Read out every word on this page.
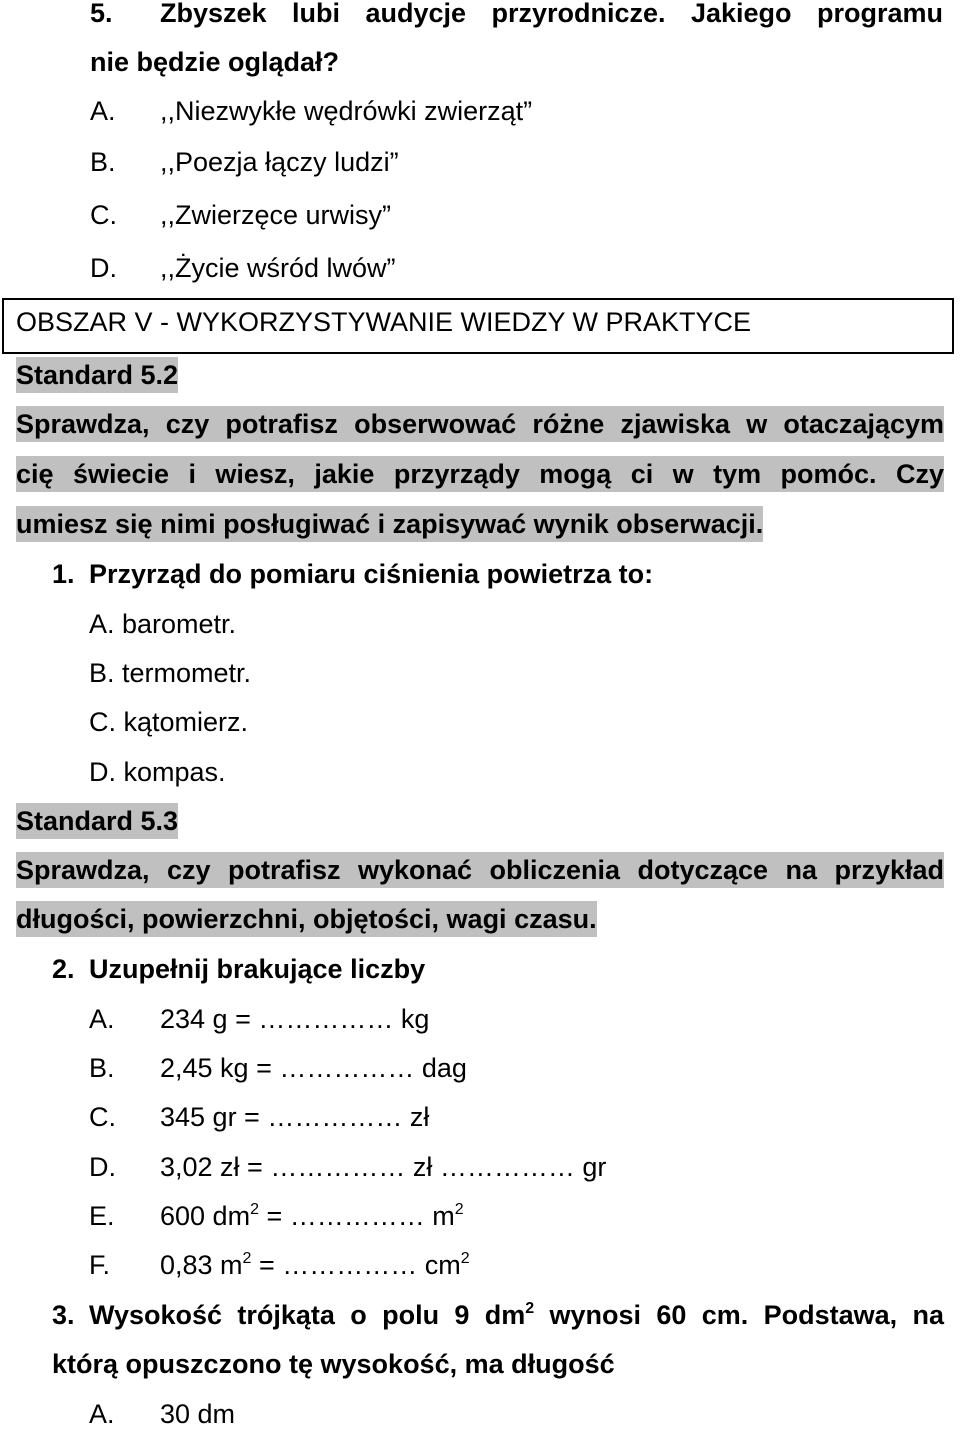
5. Zbyszek lubi audycje przyrodnicze. Jakiego programu
nie będzie oglądał?
A. ,,Niezwykłe wędrówki zwierząt”
B. ,,Poezja łączy ludzi”
C. ,,Zwierzęce urwisy”
D. ,,Życie wśród lwów”
OBSZAR V - WYKORZYSTYWANIE WIEDZY W PRAKTYCE
Standard 5.2
Sprawdza, czy potrafisz obserwować różne zjawiska w otaczającym
cię świecie i wiesz, jakie przyrządy mogą ci w tym pomóc. Czy
umiesz się nimi posługiwać i zapisywać wynik obserwacji.
1. Przyrząd do pomiaru ciśnienia powietrza to:
A. barometr.
B. termometr.
C. kątomierz.
D. kompas.
Standard 5.3
Sprawdza, czy potrafisz wykonać obliczenia dotyczące na przykład
długości, powierzchni, objętości, wagi czasu.
2. Uzupełnij brakujące liczby
A. 234 g = …………… kg
B. 2,45 kg = …………… dag
C. 345 gr = …………… zł
D. 3,02 zł = …………… zł …………… gr
E. 600 $dm^2$ = …………… $m^2$
F. 0,83 $m^2$ = …………… $cm^2$
3. Wysokość trójkąta o polu 9 $dm^2$ wynosi 60 cm. Podstawa, na
którą opuszczono tę wysokość, ma długość
A. 30 dm
